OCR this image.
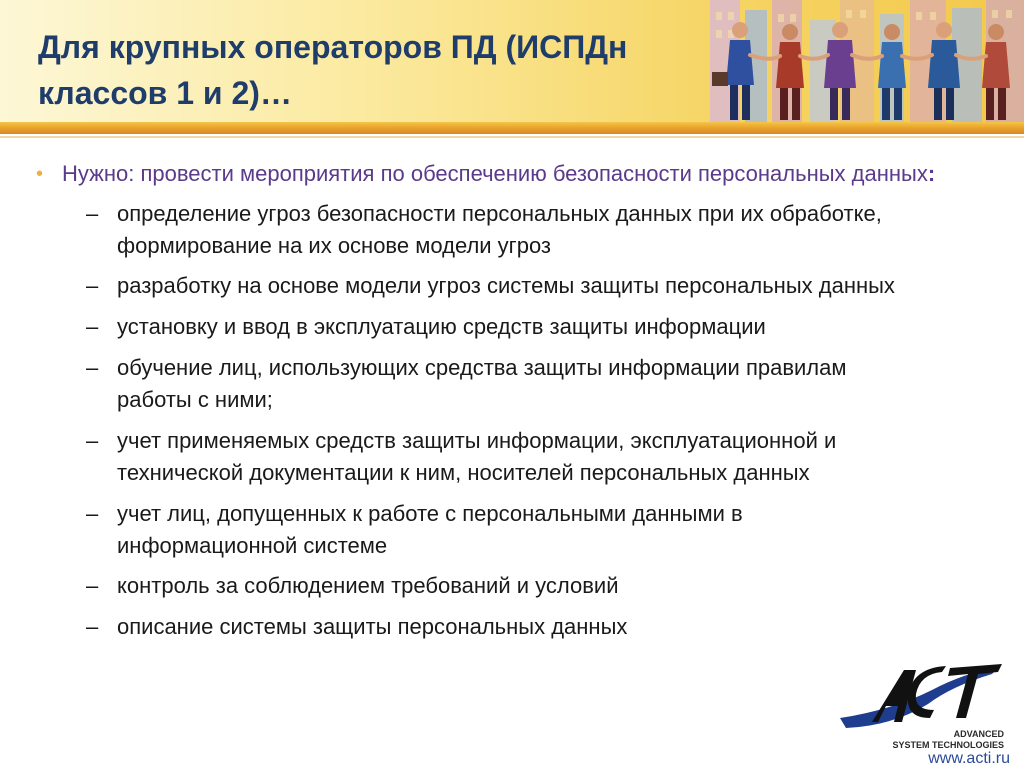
Для крупных операторов ПД (ИСПДн
классов 1 и 2)…
• Нужно: провести мероприятия по обеспечению безопасности персональных данных:
– определение угроз безопасности персональных данных при их обработке,
формирование на их основе модели угроз
– разработку на основе модели угроз системы защиты персональных данных
– установку и ввод в эксплуатацию средств защиты информации
– обучение лиц, использующих средства защиты информации правилам
работы с ними;
– учет применяемых средств защиты информации, эксплуатационной и
технической документации к ним, носителей персональных данных
– учет лиц, допущенных к работе с персональными данными в
информационной системе
– контроль за соблюдением требований и условий
– описание системы защиты персональных данных
ADVANCED
SYSTEM TECHNOLOGIES
www.acti.ru
